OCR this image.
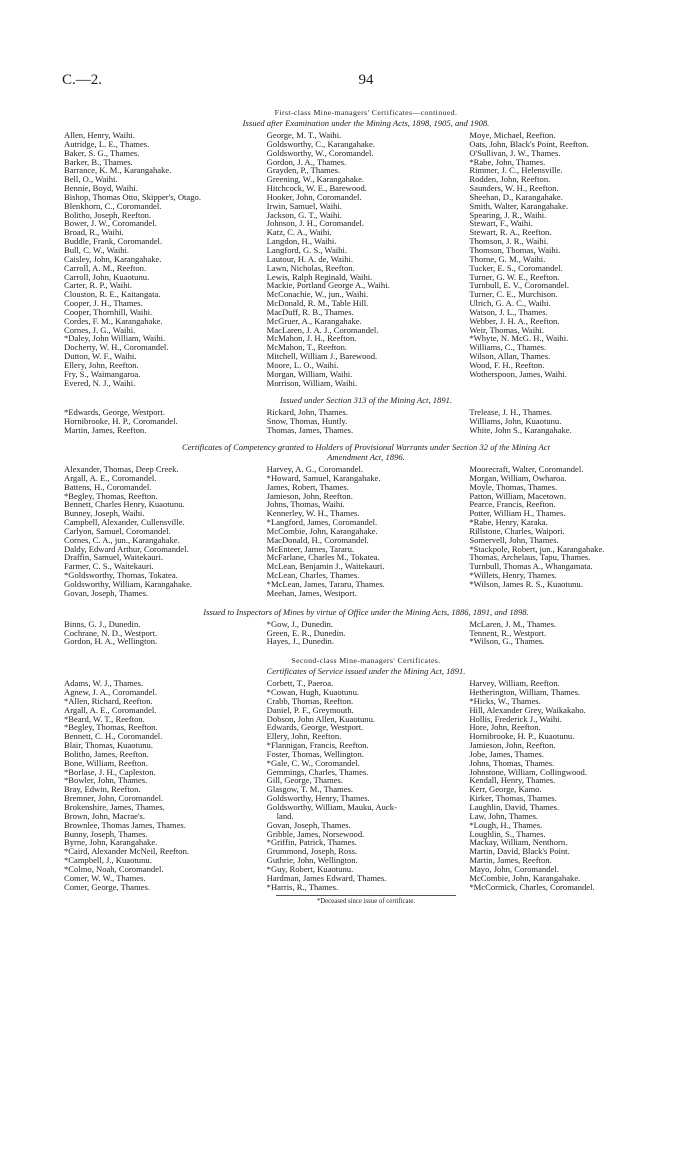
94
C.—2.
First-class Mine-managers' Certificates—continued.
Issued after Examination under the Mining Acts, 1898, 1905, and 1908.
Allen, Henry, Waihi.
Autridge, L. E., Thames.
Baker, S. G., Thames.
Barker, B., Thames.
Barrance, K. M., Karangahake.
Bell, O., Waihi.
Bennie, Boyd, Waihi.
Bishop, Thomas Otto, Skipper's, Otago.
Blenkhorn, C., Coromandel.
Bolitho, Joseph, Reefton.
Bower, J. W., Coromandel.
Broad, R., Waihi.
Buddle, Frank, Coromandel.
Bull, C. W., Waihi.
Caisley, John, Karangahake.
Carroll, A. M., Reefton.
Carroll, John, Kuaotunu.
Carter, R. P., Waihi.
Clouston, R. E., Kaitangata.
Cooper, J. H., Thames.
Cooper, Thornhill, Waihi.
Cordes, F. M., Karangahake.
Cornes, J. G., Waihi.
*Daley, John William, Waihi.
Docherty, W. H., Coromandel.
Dutton, W. F., Waihi.
Ellery, John, Reefton.
Fry, S., Waimangaroa.
Evered, N. J., Waihi.
George, M. T., Waihi.
Goldsworthy, C., Karangahake.
Goldsworthy, W., Coromandel.
Gordon, J. A., Thames.
Grayden, P., Thames.
Greening, W., Karangahake.
Hitchcock, W. E., Barewood.
Hooker, John, Coromandel.
Irwin, Samuel, Waihi.
Jackson, G. T., Waihi.
Johnson, J. H., Coromandel.
Katz, C. A., Waihi.
Langdon, H., Waihi.
Langford, G. S., Waihi.
Lautour, H. A. de, Waihi.
Lawn, Nicholas, Reefton.
Lewis, Ralph Reginald, Waihi.
Mackie, Portland George A., Waihi.
McConachie, W., jun., Waihi.
McDonald, R. M., Table Hill.
MacDuff, R. B., Thames.
McGruer, A., Karangahake.
MacLaren, J. A. J., Coromandel.
McMahon, J. H., Reefton.
McMahon, T., Reefton.
Mitchell, William J., Barewood.
Moore, L. O., Waihi.
Morgan, William, Waihi.
Morrison, William, Waihi.
Moye, Michael, Reefton.
Oats, John, Black's Point, Reefton.
O'Sullivan, J. W., Thames.
*Rabe, John, Thames.
Rimmer, J. C., Helensville.
Rodden, John, Reefton.
Saunders, W. H., Reefton.
Sheehan, D., Karangahake.
Smith, Walter, Karangahake.
Spearing, J. R., Waihi.
Stewart, F., Waihi.
Stewart, R. A., Reefton.
Thomson, J. R., Waihi.
Thomson, Thomas, Waihi.
Thorne, G. M., Waihi.
Tucker, E. S., Coromandel.
Turner, G. W. E., Reefton.
Turnbull, E. V., Coromandel.
Turner, C. E., Murchison.
Ulrich, G. A. C., Waihi.
Watson, J. L., Thames.
Webber, J. H. A., Reefton.
Weir, Thomas, Waihi.
*Whyte, N. McG. H., Waihi.
Williams, C., Thames.
Wilson, Allan, Thames.
Wood, F. H., Reefton.
Wotherspoon, James, Waihi.
Issued under Section 313 of the Mining Act, 1891.
*Edwards, George, Westport.
Hornibrooke, H. P., Coromandel.
Martin, James, Reefton.
Rickard, John, Thames.
Snow, Thomas, Huntly.
Thomas, James, Thames.
Trelease, J. H., Thames.
Williams, John, Kuaotunu.
White, John S., Karangahake.
Certificates of Competency granted to Holders of Provisional Warrants under Section 32 of the Mining Act
Amendment Act, 1896.
Alexander, Thomas, Deep Creek.
Argall, A. E., Coromandel.
Battens, H., Coromandel.
*Begley, Thomas, Reefton.
Bennett, Charles Henry, Kuaotunu.
Bunney, Joseph, Waihi.
Campbell, Alexander, Cullensville.
Carlyon, Samuel, Coromandel.
Cornes, C. A., jun., Karangahake.
Daldy, Edward Arthur, Coromandel.
Draffin, Samuel, Waitekauri.
Farmer, C. S., Waitekauri.
*Goldsworthy, Thomas, Tokatea.
Goldsworthy, William, Karangahake.
Govan, Joseph, Thames.
Harvey, A. G., Coromandel.
*Howard, Samuel, Karangahake.
James, Robert, Thames.
Jamieson, John, Reefton.
Johns, Thomas, Waihi.
Kennerley, W. H., Thames.
*Langford, James, Coromandel.
McCombie, John, Karangahake.
MacDonald, H., Coromandel.
McEnteer, James, Tararu.
McFarlane, Charles M., Tokatea.
McLean, Benjamin J., Waitekauri.
McLean, Charles, Thames.
*McLean, James, Tararu, Thames.
Meehan, James, Westport.
Moorecraft, Walter, Coromandel.
Morgan, William, Owharoa.
Moyle, Thomas, Thames.
Patton, William, Macetown.
Pearce, Francis, Reefton.
Potter, William H., Thames.
*Rabe, Henry, Karaka.
Rillstone, Charles, Waipori.
Somervell, John, Thames.
*Stackpole, Robert, jun., Karangahake.
Thomas, Archelaus, Tapu, Thames.
Turnbull, Thomas A., Whangamata.
*Willets, Henry, Thames.
*Wilson, James R. S., Kuaotunu.
Issued to Inspectors of Mines by virtue of Office under the Mining Acts, 1886, 1891, and 1898.
Binns, G. J., Dunedin.
Cochrane, N. D., Westport.
Gordon, H. A., Wellington.
*Gow, J., Dunedin.
Green, E. R., Dunedin.
Hayes, J., Dunedin.
McLaren, J. M., Thames.
Tennent, R., Westport.
*Wilson, G., Thames.
Second-class Mine-managers' Certificates.
Certificates of Service issued under the Mining Act, 1891.
Adams, W. J., Thames.
Agnew, J. A., Coromandel.
*Allen, Richard, Reefton.
Argall, A. E., Coromandel.
*Beard, W. T., Reefton.
*Begley, Thomas, Reefton.
Bennett, C. H., Coromandel.
Blair, Thomas, Kuaotunu.
Bolitho, James, Reefton.
Bone, William, Reefton.
*Borlase, J. H., Capleston.
*Bowler, John, Thames.
Bray, Edwin, Reefton.
Bremner, John, Coromandel.
Brokenshire, James, Thames.
Brown, John, Macrae's.
Brownlee, Thomas James, Thames.
Bunny, Joseph, Thames.
Byrne, John, Karangahake.
*Caird, Alexander McNeil, Reefton.
*Campbell, J., Kuaotunu.
*Colmo, Noah, Coromandel.
Comer, W. W., Thames.
Comer, George, Thames.
Corbett, T., Paeroa.
*Cowan, Hugh, Kuaotunu.
Crabb, Thomas, Reefton.
Daniel, P. F., Greymouth.
Dobson, John Allen, Kuaotunu.
Edwards, George, Westport.
Ellery, John, Reefton.
*Flannigan, Francis, Reefton.
Foster, Thomas, Wellington.
*Gale, C. W., Coromandel.
Gemmings, Charles, Thames.
Gill, George, Thames.
Glasgow, T. M., Thames.
Goldsworthy, Henry, Thames.
Goldsworthy, William, Mauku, Auck-
land.
Govan, Joseph, Thames.
Gribble, James, Norsewood.
*Griffin, Patrick, Thames.
Grummond, Joseph, Ross.
Guthrie, John, Wellington.
*Guy, Robert, Kuaotunu.
Hardman, James Edward, Thames.
*Harris, R., Thames.
Harvey, William, Reefton.
Hetherington, William, Thames.
*Hicks, W., Thames.
Hill, Alexander Grey, Waikakaho.
Hollis, Frederick J., Waihi.
Hore, John, Reefton.
Hornibrooke, H. P., Kuaotunu.
Jamieson, John, Reefton.
Jobe, James, Thames.
Johns, Thomas, Thames.
Johnstone, William, Collingwood.
Kendall, Henry, Thames.
Kerr, George, Kamo.
Kirker, Thomas, Thames.
Laughlin, David, Thames.
Law, John, Thames.
*Lough, H., Thames.
Loughlin, S., Thames.
Mackay, William, Nenthorn.
Martin, David, Black's Point.
Martin, James, Reefton.
Mayo, John, Coromandel.
McCombie, John, Karangahake.
*McCormick, Charles, Coromandel.
*Deceased since issue of certificate.
